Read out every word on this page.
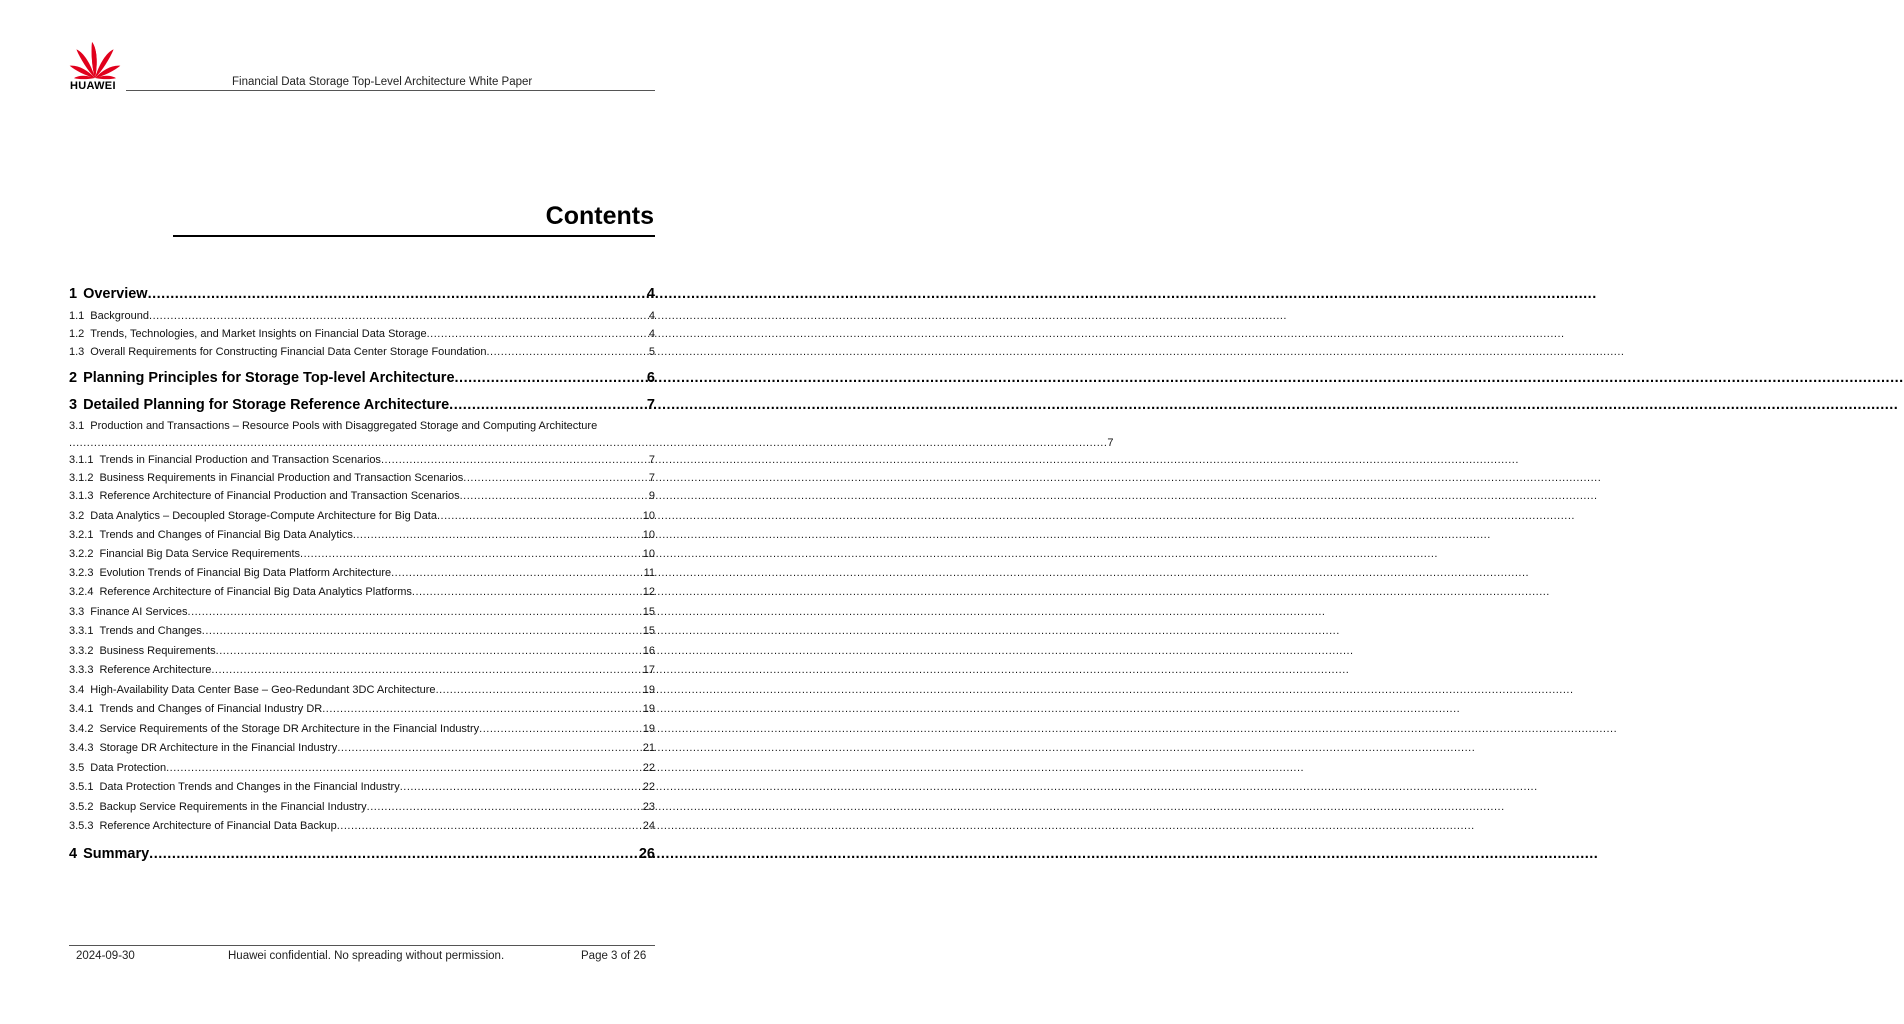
HUAWEI	Financial Data Storage Top-Level Architecture White Paper
Contents
1 Overview .....	4
1.1 Background .....	4
1.2 Trends, Technologies, and Market Insights on Financial Data Storage .....	4
1.3 Overall Requirements for Constructing Financial Data Center Storage Foundation .....	5
2 Planning Principles for Storage Top-level Architecture .....	6
3 Detailed Planning for Storage Reference Architecture .....	7
3.1 Production and Transactions – Resource Pools with Disaggregated Storage and Computing Architecture
.................................................................................................................................................................................................................................................................................................... 7
3.1.1 Trends in Financial Production and Transaction Scenarios .....	7
3.1.2 Business Requirements in Financial Production and Transaction Scenarios .....	7
3.1.3 Reference Architecture of Financial Production and Transaction Scenarios .....	9
3.2 Data Analytics – Decoupled Storage-Compute Architecture for Big Data .....	10
3.2.1 Trends and Changes of Financial Big Data Analytics .....	10
3.2.2 Financial Big Data Service Requirements .....	10
3.2.3 Evolution Trends of Financial Big Data Platform Architecture .....	11
3.2.4 Reference Architecture of Financial Big Data Analytics Platforms .....	12
3.3 Finance AI Services .....	15
3.3.1 Trends and Changes .....	15
3.3.2 Business Requirements .....	16
3.3.3 Reference Architecture .....	17
3.4 High-Availability Data Center Base – Geo-Redundant 3DC Architecture .....	19
3.4.1 Trends and Changes of Financial Industry DR .....	19
3.4.2 Service Requirements of the Storage DR Architecture in the Financial Industry .....	19
3.4.3 Storage DR Architecture in the Financial Industry .....	21
3.5 Data Protection .....	22
3.5.1 Data Protection Trends and Changes in the Financial Industry .....	22
3.5.2 Backup Service Requirements in the Financial Industry .....	23
3.5.3 Reference Architecture of Financial Data Backup .....	24
4 Summary .....	26
2024-09-30	Huawei confidential. No spreading without permission.	Page 3 of 26
